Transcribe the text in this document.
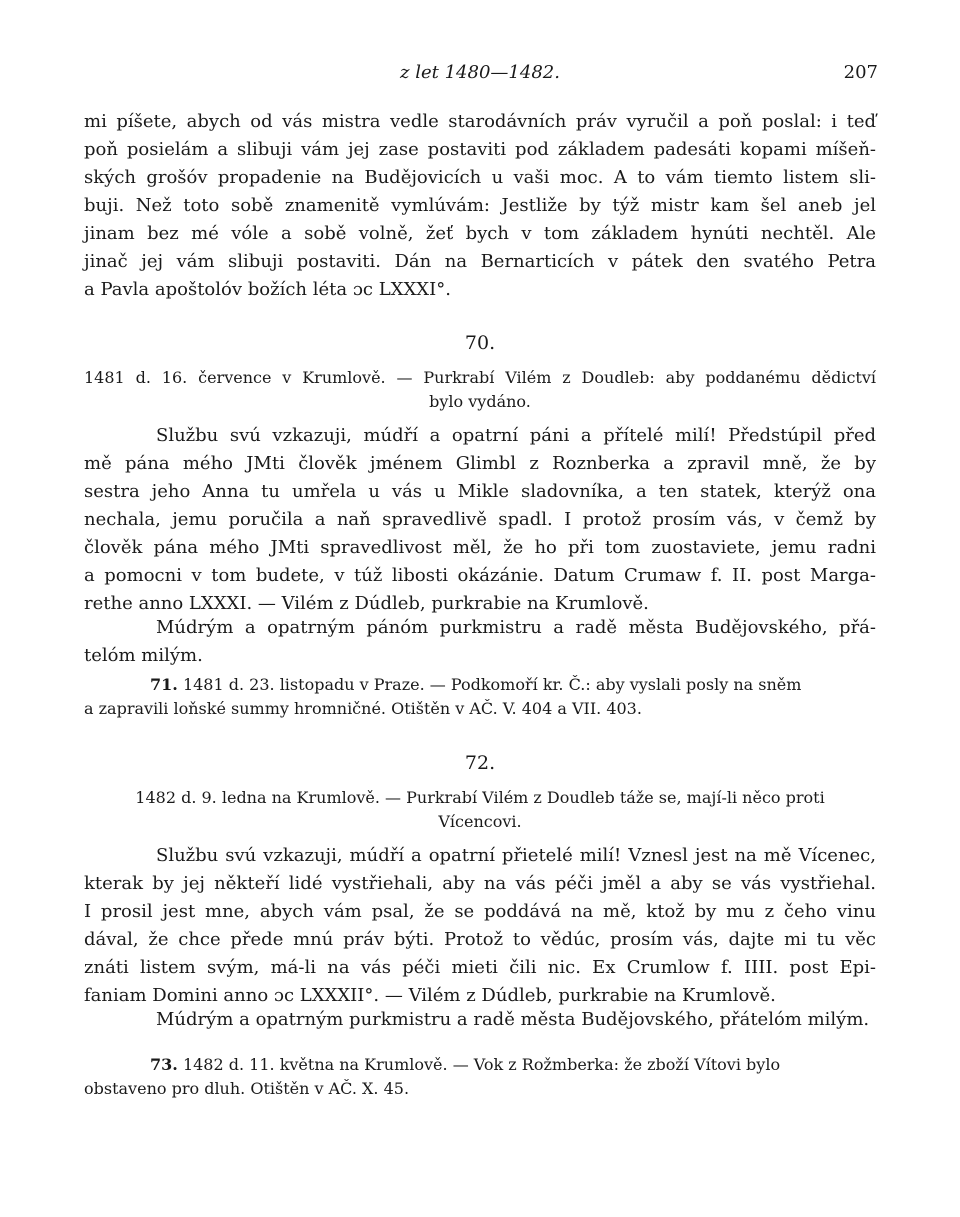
z let 1480—1482.	207
mi píšete, abych od vás mistra vedle starodávních práv vyručil a poň poslal: i teď
poň posielám a slibuji vám jej zase postaviti pod základem padesáti kopami míšeň-
ských grošóv propadenie na Budějovicích u vaši moc. A to vám tiemto listem sli-
buji. Než toto sobě znamenitě vymlúvám: Jestliže by týž mistr kam šel aneb jel
jinam bez mé vóle a sobě volně, žeť bych v tom základem hynúti nechtěl. Ale
jinač jej vám slibuji postaviti. Dán na Bernarticích v pátek den svatého Petra
a Pavla apoštolóv božích léta ɔc LXXXI°.
70.
1481 d. 16. července v Krumlově. — Purkrabí Vilém z Doudleb: aby poddanému dědictví
bylo vydáno.
Službu svú vzkazuji, múdří a opatrní páni a přítelé milí! Předstúpil před
mě pána mého JMti člověk jménem Glimbl z Roznberka a zpravil mně, že by
sestra jeho Anna tu umřela u vás u Mikle sladovníka, a ten statek, kterýž ona
nechala, jemu poručila a naň spravedlivě spadl. I protož prosím vás, v čemž by
člověk pána mého JMti spravedlivost měl, že ho při tom zuostaviete, jemu radni
a pomocni v tom budete, v túž libosti okázánie. Datum Crumaw f. II. post Marga-
rethe anno LXXXI. — Vilém z Dúdleb, purkrabie na Krumlově.
Múdrým a opatrným pánóm purkmistru a radě města Budějovského, přá-
telóm milým.
71. 1481 d. 23. listopadu v Praze. — Podkomoří kr. Č.: aby vyslali posly na sněm
a zapravili loňské summy hromničné. Otištěn v AČ. V. 404 a VII. 403.
72.
1482 d. 9. ledna na Krumlově. — Purkrabí Vilém z Doudleb táže se, mají-li něco proti
Vícencovi.
Službu svú vzkazuji, múdří a opatrní přietelé milí! Vznesl jest na mě Vícenec,
kterak by jej někteří lidé vystřiehali, aby na vás péči jměl a aby se vás vystřiehal.
I prosil jest mne, abych vám psal, že se poddává na mě, ktož by mu z čeho vinu
dával, že chce přede mnú práv býti. Protož to vědúc, prosím vás, dajte mi tu věc
znáti listem svým, má-li na vás péči mieti čili nic. Ex Crumlow f. IIII. post Epi-
faniam Domini anno ɔc LXXXII°. — Vilém z Dúdleb, purkrabie na Krumlově.
Múdrým a opatrným purkmistru a radě města Budějovského, přátelóm milým.
73. 1482 d. 11. května na Krumlově. — Vok z Rožmberka: že zboží Vítovi bylo
obstaveno pro dluh. Otištěn v AČ. X. 45.
